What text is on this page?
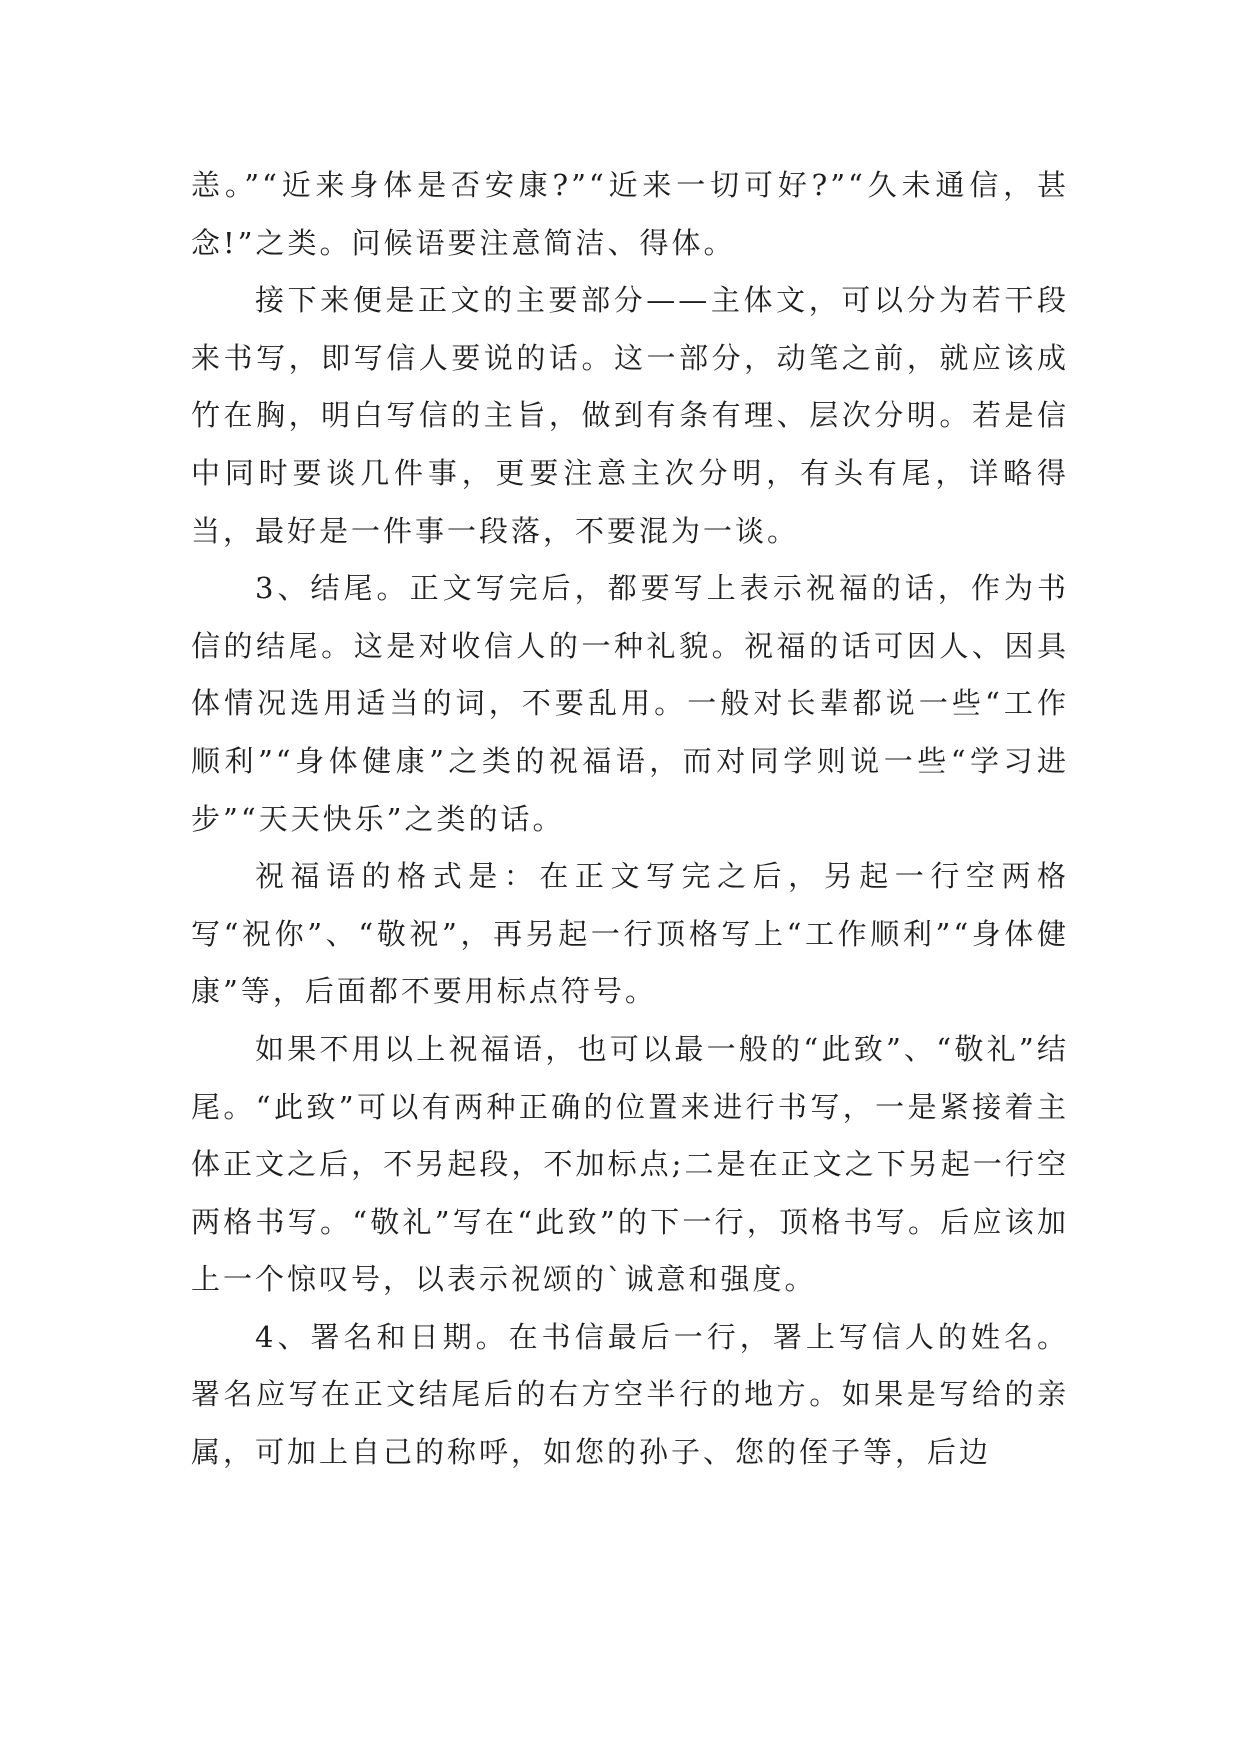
恙。”“近来身体是否安康?”“近来一切可好?”“久未通信，甚念!”之类。问候语要注意简洁、得体。

接下来便是正文的主要部分——主体文，可以分为若干段来书写，即写信人要说的话。这一部分，动笔之前，就应该成竹在胸，明白写信的主旨，做到有条有理、层次分明。若是信中同时要谈几件事，更要注意主次分明，有头有尾，详略得当，最好是一件事一段落，不要混为一谈。

3、结尾。正文写完后，都要写上表示祝福的话，作为书信的结尾。这是对收信人的一种礼貌。祝福的话可因人、因具体情况选用适当的词，不要乱用。一般对长辈都说一些“工作顺利”“身体健康”之类的祝福语，而对同学则说一些“学习进步”“天天快乐”之类的话。

祝福语的格式是：在正文写完之后，另起一行空两格写“祝你”、“敬祝”，再另起一行顶格写上“工作顺利”“身体健康”等，后面都不要用标点符号。

如果不用以上祝福语，也可以最一般的“此致”、“敬礼”结尾。“此致”可以有两种正确的位置来进行书写，一是紧接着主体正文之后，不另起段，不加标点;二是在正文之下另起一行空两格书写。“敬礼”写在“此致”的下一行，顶格书写。后应该加上一个惊叹号，以表示祝颂的`诚意和强度。

4、署名和日期。在书信最后一行，署上写信人的姓名。署名应写在正文结尾后的右方空半行的地方。如果是写给的亲属，可加上自己的称呼，如您的孙子、您的侄子等，后边
